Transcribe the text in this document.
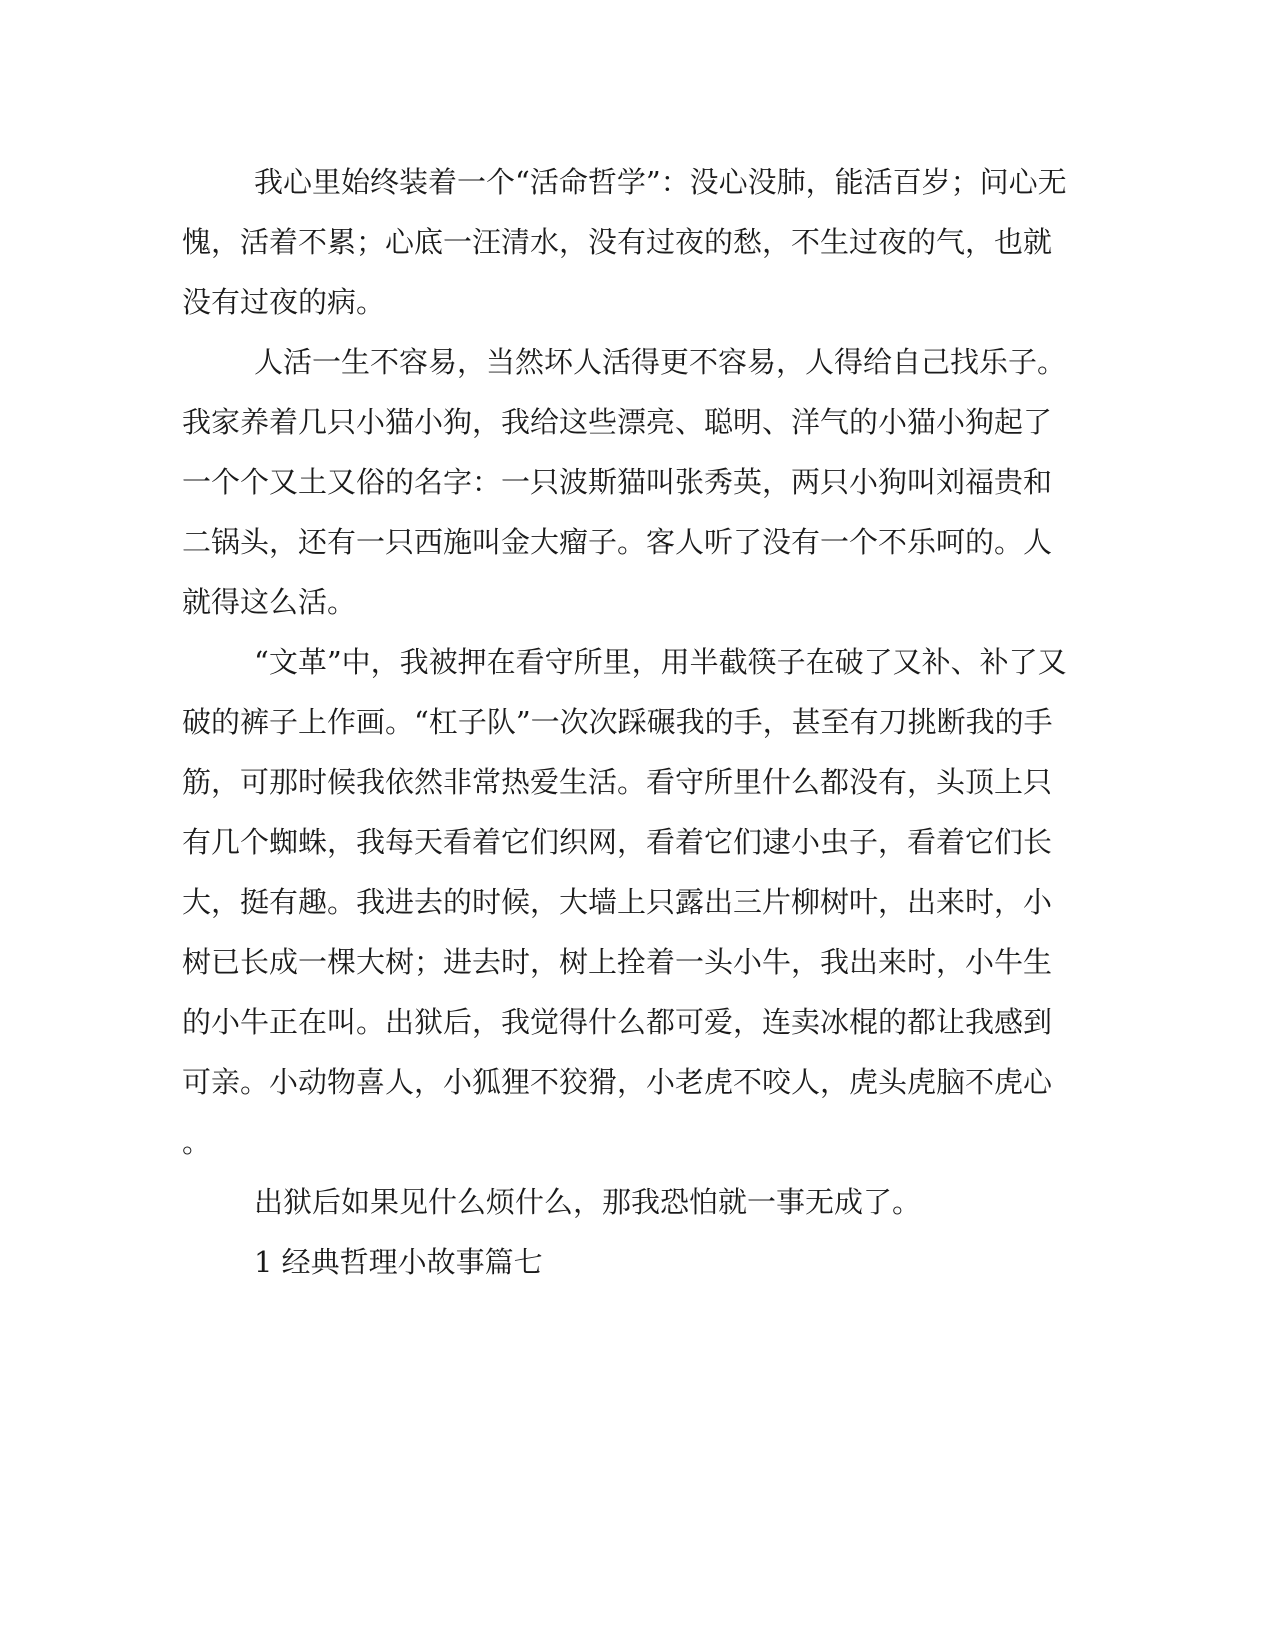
我心里始终装着一个“活命哲学”：没心没肺，能活百岁；问心无
愧，活着不累；心底一汪清水，没有过夜的愁，不生过夜的气，也就
没有过夜的病。
人活一生不容易，当然坏人活得更不容易，人得给自己找乐子。
我家养着几只小猫小狗，我给这些漂亮、聪明、洋气的小猫小狗起了
一个个又土又俗的名字：一只波斯猫叫张秀英，两只小狗叫刘福贵和
二锅头，还有一只西施叫金大瘤子。客人听了没有一个不乐呵的。人
就得这么活。
“文革”中，我被押在看守所里，用半截筷子在破了又补、补了又
破的裤子上作画。“杠子队”一次次踩碾我的手，甚至有刀挑断我的手
筋，可那时候我依然非常热爱生活。看守所里什么都没有，头顶上只
有几个蜘蛛，我每天看着它们织网，看着它们逮小虫子，看着它们长
大，挺有趣。我进去的时候，大墙上只露出三片柳树叶，出来时，小
树已长成一棵大树；进去时，树上拴着一头小牛，我出来时，小牛生
的小牛正在叫。出狱后，我觉得什么都可爱，连卖冰棍的都让我感到
可亲。小动物喜人，小狐狸不狡猾，小老虎不咬人，虎头虎脑不虎心
。
出狱后如果见什么烦什么，那我恐怕就一事无成了。
1 经典哲理小故事篇七
